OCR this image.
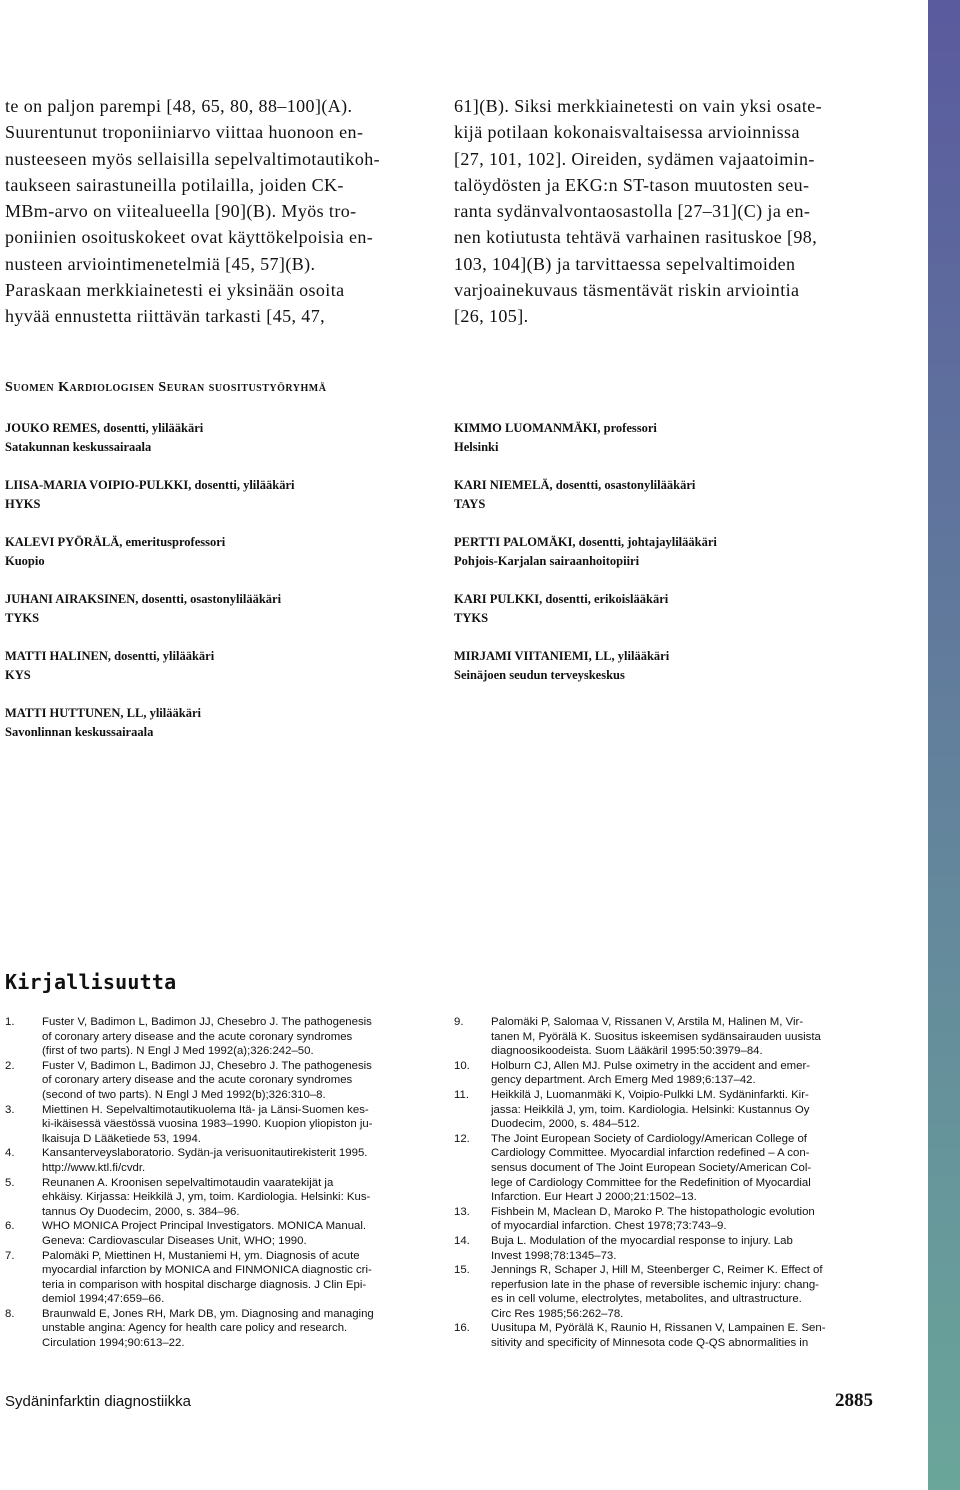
te on paljon parempi [48, 65, 80, 88–100](A).
Suurentunut troponiiniarvo viittaa huonoon en-
nusteeseen myös sellaisilla sepelvaltimotautikoh-
taukseen sairastuneilla potilailla, joiden CK-
MBm-arvo on viitealueella [90](B). Myös tro-
poniinien osoituskokeet ovat käyttökelpoisia en-
nusteen arviointimenetelmiä [45, 57](B).
Paraskaan merkkiainetesti ei yksinään osoita
hyvää ennustetta riittävän tarkasti [45, 47,

61](B). Siksi merkkiainetesti on vain yksi osate-
kijä potilaan kokonaisvaltaisessa arvioinnissa
[27, 101, 102]. Oireiden, sydämen vajaatoimin-
talöydösten ja EKG:n ST-tason muutosten seu-
ranta sydänvalvontaosastolla [27–31](C) ja en-
nen kotiutusta tehtävä varhainen rasituskoe [98,
103, 104](B) ja tarvittaessa sepelvaltimoiden
varjoainekuvaus täsmentävät riskin arviointia
[26, 105].

Suomen Kardiologisen Seuran suositustyöryhmä
JOUKO REMES, dosentti, ylilääkäri
Satakunnan keskussairaala
LIISA-MARIA VOIPIO-PULKKI, dosentti, ylilääkäri
HYKS
KALEVI PYÖRÄLÄ, emeritusprofessori
Kuopio
JUHANI AIRAKSINEN, dosentti, osastonylilääkäri
TYKS
MATTI HALINEN, dosentti, ylilääkäri
KYS
MATTI HUTTUNEN, LL, ylilääkäri
Savonlinnan keskussairaala
KIMMO LUOMANMÄKI, professori
Helsinki
KARI NIEMELÄ, dosentti, osastonylilääkäri
TAYS
PERTTI PALOMÄKI, dosentti, johtajaylilääkäri
Pohjois-Karjalan sairaanhoitopiiri
KARI PULKKI, dosentti, erikoislääkäri
TYKS
MIRJAMI VIITANIEMI, LL, ylilääkäri
Seinäjoen seudun terveyskeskus
Kirjallisuutta
1.	Fuster V, Badimon L, Badimon JJ, Chesebro J. The pathogenesis
of coronary artery disease and the acute coronary syndromes
(first of two parts). N Engl J Med 1992(a);326:242–50.
2.	Fuster V, Badimon L, Badimon JJ, Chesebro J. The pathogenesis
of coronary artery disease and the acute coronary syndromes
(second of two parts). N Engl J Med 1992(b);326:310–8.
3.	Miettinen H. Sepelvaltimotautikuolema Itä- ja Länsi-Suomen kes-
ki-ikäisessä väestössä vuosina 1983–1990. Kuopion yliopiston ju-
lkaisuja D Lääketiede 53, 1994.
4.	Kansanterveyslaboratorio. Sydän-ja verisuonitautirekisterit 1995.
http://www.ktl.fi/cvdr.
5.	Reunanen A. Kroonisen sepelvaltimotaudin vaaratekijät ja
ehkäisy. Kirjassa: Heikkilä J, ym, toim. Kardiologia. Helsinki: Kus-
tannus Oy Duodecim, 2000, s. 384–96.
6.	WHO MONICA Project Principal Investigators. MONICA Manual.
Geneva: Cardiovascular Diseases Unit, WHO; 1990.
7.	Palomäki P, Miettinen H, Mustaniemi H, ym. Diagnosis of acute
myocardial infarction by MONICA and FINMONICA diagnostic cri-
teria in comparison with hospital discharge diagnosis. J Clin Epi-
demiol 1994;47:659–66.
8.	Braunwald E, Jones RH, Mark DB, ym. Diagnosing and managing
unstable angina: Agency for health care policy and research.
Circulation 1994;90:613–22.
9.	Palomäki P, Salomaa V, Rissanen V, Arstila M, Halinen M, Vir-
tanen M, Pyörälä K. Suositus iskeemisen sydänsairauden uusista
diagnoosikoodeista. Suom Lääkäril 1995:50:3979–84.
10.	Holburn CJ, Allen MJ. Pulse oximetry in the accident and emer-
gency department. Arch Emerg Med 1989;6:137–42.
11.	Heikkilä J, Luomanmäki K, Voipio-Pulkki LM. Sydäninfarkti. Kir-
jassa: Heikkilä J, ym, toim. Kardiologia. Helsinki: Kustannus Oy
Duodecim, 2000, s. 484–512.
12.	The Joint European Society of Cardiology/American College of
Cardiology Committee. Myocardial infarction redefined – A con-
sensus document of The Joint European Society/American Col-
lege of Cardiology Committee for the Redefinition of Myocardial
Infarction. Eur Heart J 2000;21:1502–13.
13.	Fishbein M, Maclean D, Maroko P. The histopathologic evolution
of myocardial infarction. Chest 1978;73:743–9.
14.	Buja L. Modulation of the myocardial response to injury. Lab
Invest 1998;78:1345–73.
15.	Jennings R, Schaper J, Hill M, Steenberger C, Reimer K. Effect of
reperfusion late in the phase of reversible ischemic injury: chang-
es in cell volume, electrolytes, metabolites, and ultrastructure.
Circ Res 1985;56:262–78.
16.	Uusitupa M, Pyörälä K, Raunio H, Rissanen V, Lampainen E. Sen-
sitivity and specificity of Minnesota code Q-QS abnormalities in
Sydäninfarktin diagnostiikka	2885
